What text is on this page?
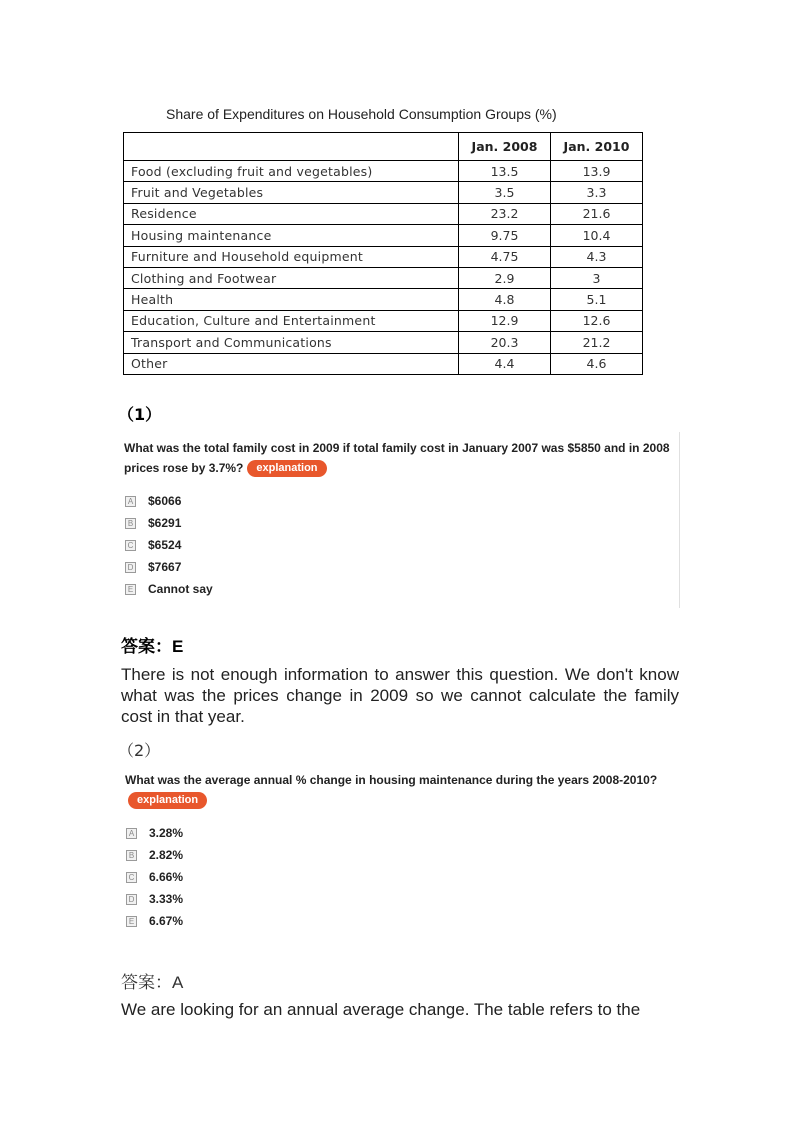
Share of Expenditures on Household Consumption Groups (%)
	Jan. 2008	Jan. 2010
Food (excluding fruit and vegetables)	13.5	13.9
Fruit and Vegetables	3.5	3.3
Residence	23.2	21.6
Housing maintenance	9.75	10.4
Furniture and Household equipment	4.75	4.3
Clothing and Footwear	2.9	3
Health	4.8	5.1
Education, Culture and Entertainment	12.9	12.6
Transport and Communications	20.3	21.2
Other	4.4	4.6
（1）
What was the total family cost in 2009 if total family cost in January 2007 was $5850 and in 2008
prices rose by 3.7%? explanation
A $6066
B $6291
C $6524
D $7667
E Cannot say
答案：E
There is not enough information to answer this question. We don't know what was the prices change in 2009 so we cannot calculate the family cost in that year.
（2）
What was the average annual % change in housing maintenance during the years 2008-2010?
explanation
A 3.28%
B 2.82%
C 6.66%
D 3.33%
E 6.67%
答案：A
We are looking for an annual average change. The table refers to the
